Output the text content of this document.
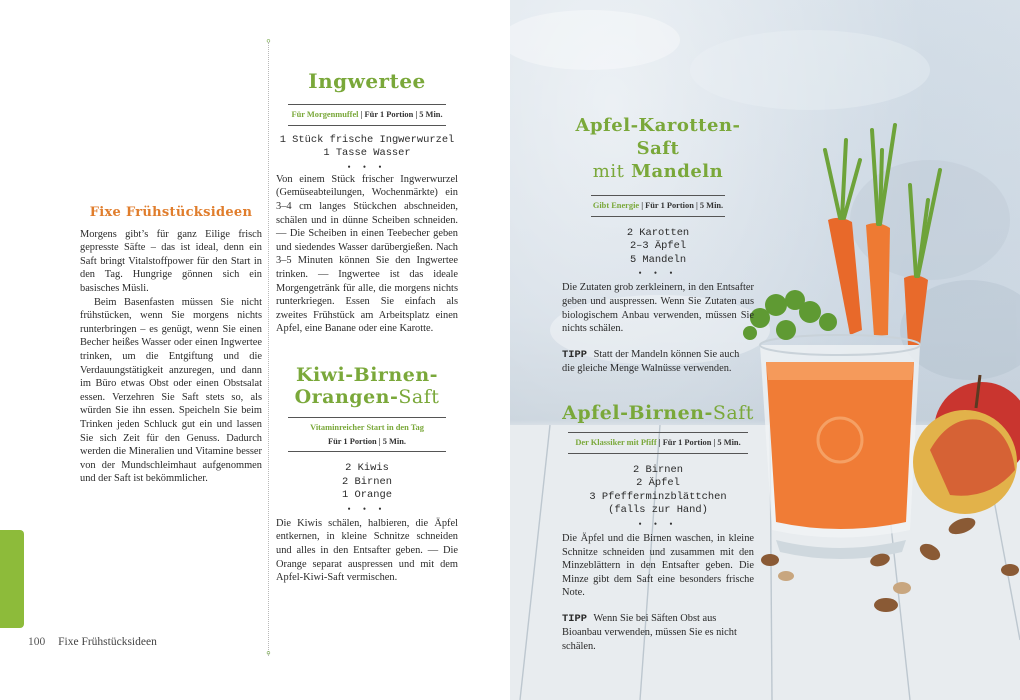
Fixe Frühstücksideen

Morgens gibt’s für ganz Eilige frisch gepresste Säfte – das ist ideal, denn ein Saft bringt Vitalstoffpower für den Start in den Tag. Hungrige gönnen sich ein basisches Müsli.

Beim Basenfasten müssen Sie nicht frühstücken, wenn Sie morgens nichts runterbringen – es genügt, wenn Sie einen Becher heißes Wasser oder einen Ingwertee trinken, um die Entgiftung und die Verdauungstätigkeit anzuregen, und dann im Büro etwas Obst oder einen Obstsalat essen. Verzehren Sie Saft stets so, als würden Sie ihn essen. Speicheln Sie beim Trinken jeden Schluck gut ein und lassen Sie sich Zeit für den Genuss. Dadurch werden die Mineralien und Vitamine besser von der Mundschleimhaut aufgenommen und der Saft ist bekömmlicher.

⸰
⸰
Ingwertee
Für Morgenmuffel | Für 1 Portion | 5 Min.
1 Stück frische Ingwerwurzel
1 Tasse Wasser
• • •
Von einem Stück frischer Ingwerwurzel (Gemüseabteilungen, Wochenmärkte) ein 3–4 cm langes Stückchen abschneiden, schälen und in dünne Scheiben schneiden. — Die Scheiben in einen Teebecher geben und siedendes Wasser darübergießen. Nach 3–5 Minuten können Sie den Ingwertee trinken. — Ingwertee ist das ideale Morgengetränk für alle, die morgens nichts runterkriegen. Essen Sie einfach als zweites Frühstück am Arbeitsplatz einen Apfel, eine Banane oder eine Karotte.
Kiwi-Birnen-
Orangen-Saft
Vitaminreicher Start in den Tag
Für 1 Portion | 5 Min.
2 Kiwis
2 Birnen
1 Orange
• • •
Die Kiwis schälen, halbieren, die Äpfel entkernen, in kleine Schnitze schneiden und alles in den Entsafter geben. — Die Orange separat auspressen und mit dem Apfel-Kiwi-Saft vermischen.
100 Fixe Frühstücksideen
Apfel-Karotten-Saft
mit Mandeln
Gibt Energie | Für 1 Portion | 5 Min.
2 Karotten
2–3 Äpfel
5 Mandeln
• • •
Die Zutaten grob zerkleinern, in den Entsafter geben und auspressen. Wenn Sie Zutaten aus biologischem Anbau verwenden, müssen Sie nichts schälen.
TIPP Statt der Mandeln können Sie auch die gleiche Menge Walnüsse verwenden.
Apfel-Birnen-Saft
Der Klassiker mit Pfiff | Für 1 Portion | 5 Min.
2 Birnen
2 Äpfel
3 Pfefferminzblättchen
(falls zur Hand)
• • •
Die Äpfel und die Birnen waschen, in kleine Schnitze schneiden und zusammen mit den Minzeblättern in den Entsafter geben. Die Minze gibt dem Saft eine besonders frische Note.
TIPP Wenn Sie bei Säften Obst aus Bioanbau verwenden, müssen Sie es nicht schälen.
